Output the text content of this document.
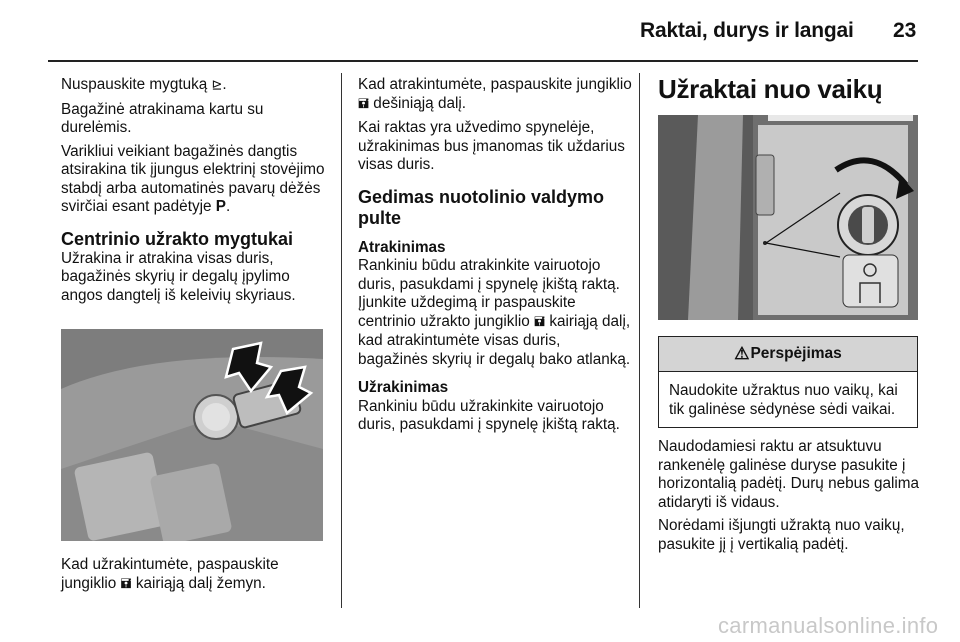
Raktai, durys ir langai 23

Nuspauskite mygtuką ⊵.

Bagažinė atrakinama kartu su durelėmis.

Varikliui veikiant bagažinės dangtis atsirakina tik įjungus elektrinį stovėjimo stabdį arba automatinės pavarų dėžės svirčiai esant padėtyje P.

Centrinio užrakto mygtukai

Užrakina ir atrakina visas duris, bagažinės skyrių ir degalų įpylimo angos dangtelį iš keleivių skyriaus.

Kad užrakintumėte, paspauskite jungiklio 🖬 kairiąją dalį žemyn.

Kad atrakintumėte, paspauskite jungiklio 🖬 dešiniąją dalį.

Kai raktas yra užvedimo spynelėje, užrakinimas bus įmanomas tik uždarius visas duris.

Gedimas nuotolinio valdymo pulte
Atrakinimas

Rankiniu būdu atrakinkite vairuotojo duris, pasukdami į spynelę įkištą raktą. Įjunkite uždegimą ir paspauskite centrinio užrakto jungiklio 🖬 kairiąją dalį, kad atrakintumėte visas duris, bagažinės skyrių ir degalų bako atlanką.

Užrakinimas

Rankiniu būdu užrakinkite vairuotojo duris, pasukdami į spynelę įkištą raktą.

Užraktai nuo vaikų
⚠ Perspėjimas
Naudokite užraktus nuo vaikų, kai tik galinėse sėdynėse sėdi vaikai.

Naudodamiesi raktu ar atsuktuvu rankenėlę galinėse duryse pasukite į horizontalią padėtį. Durų nebus galima atidaryti iš vidaus.

Norėdami išjungti užraktą nuo vaikų, pasukite jį į vertikalią padėtį.

carmanualsonline.info
